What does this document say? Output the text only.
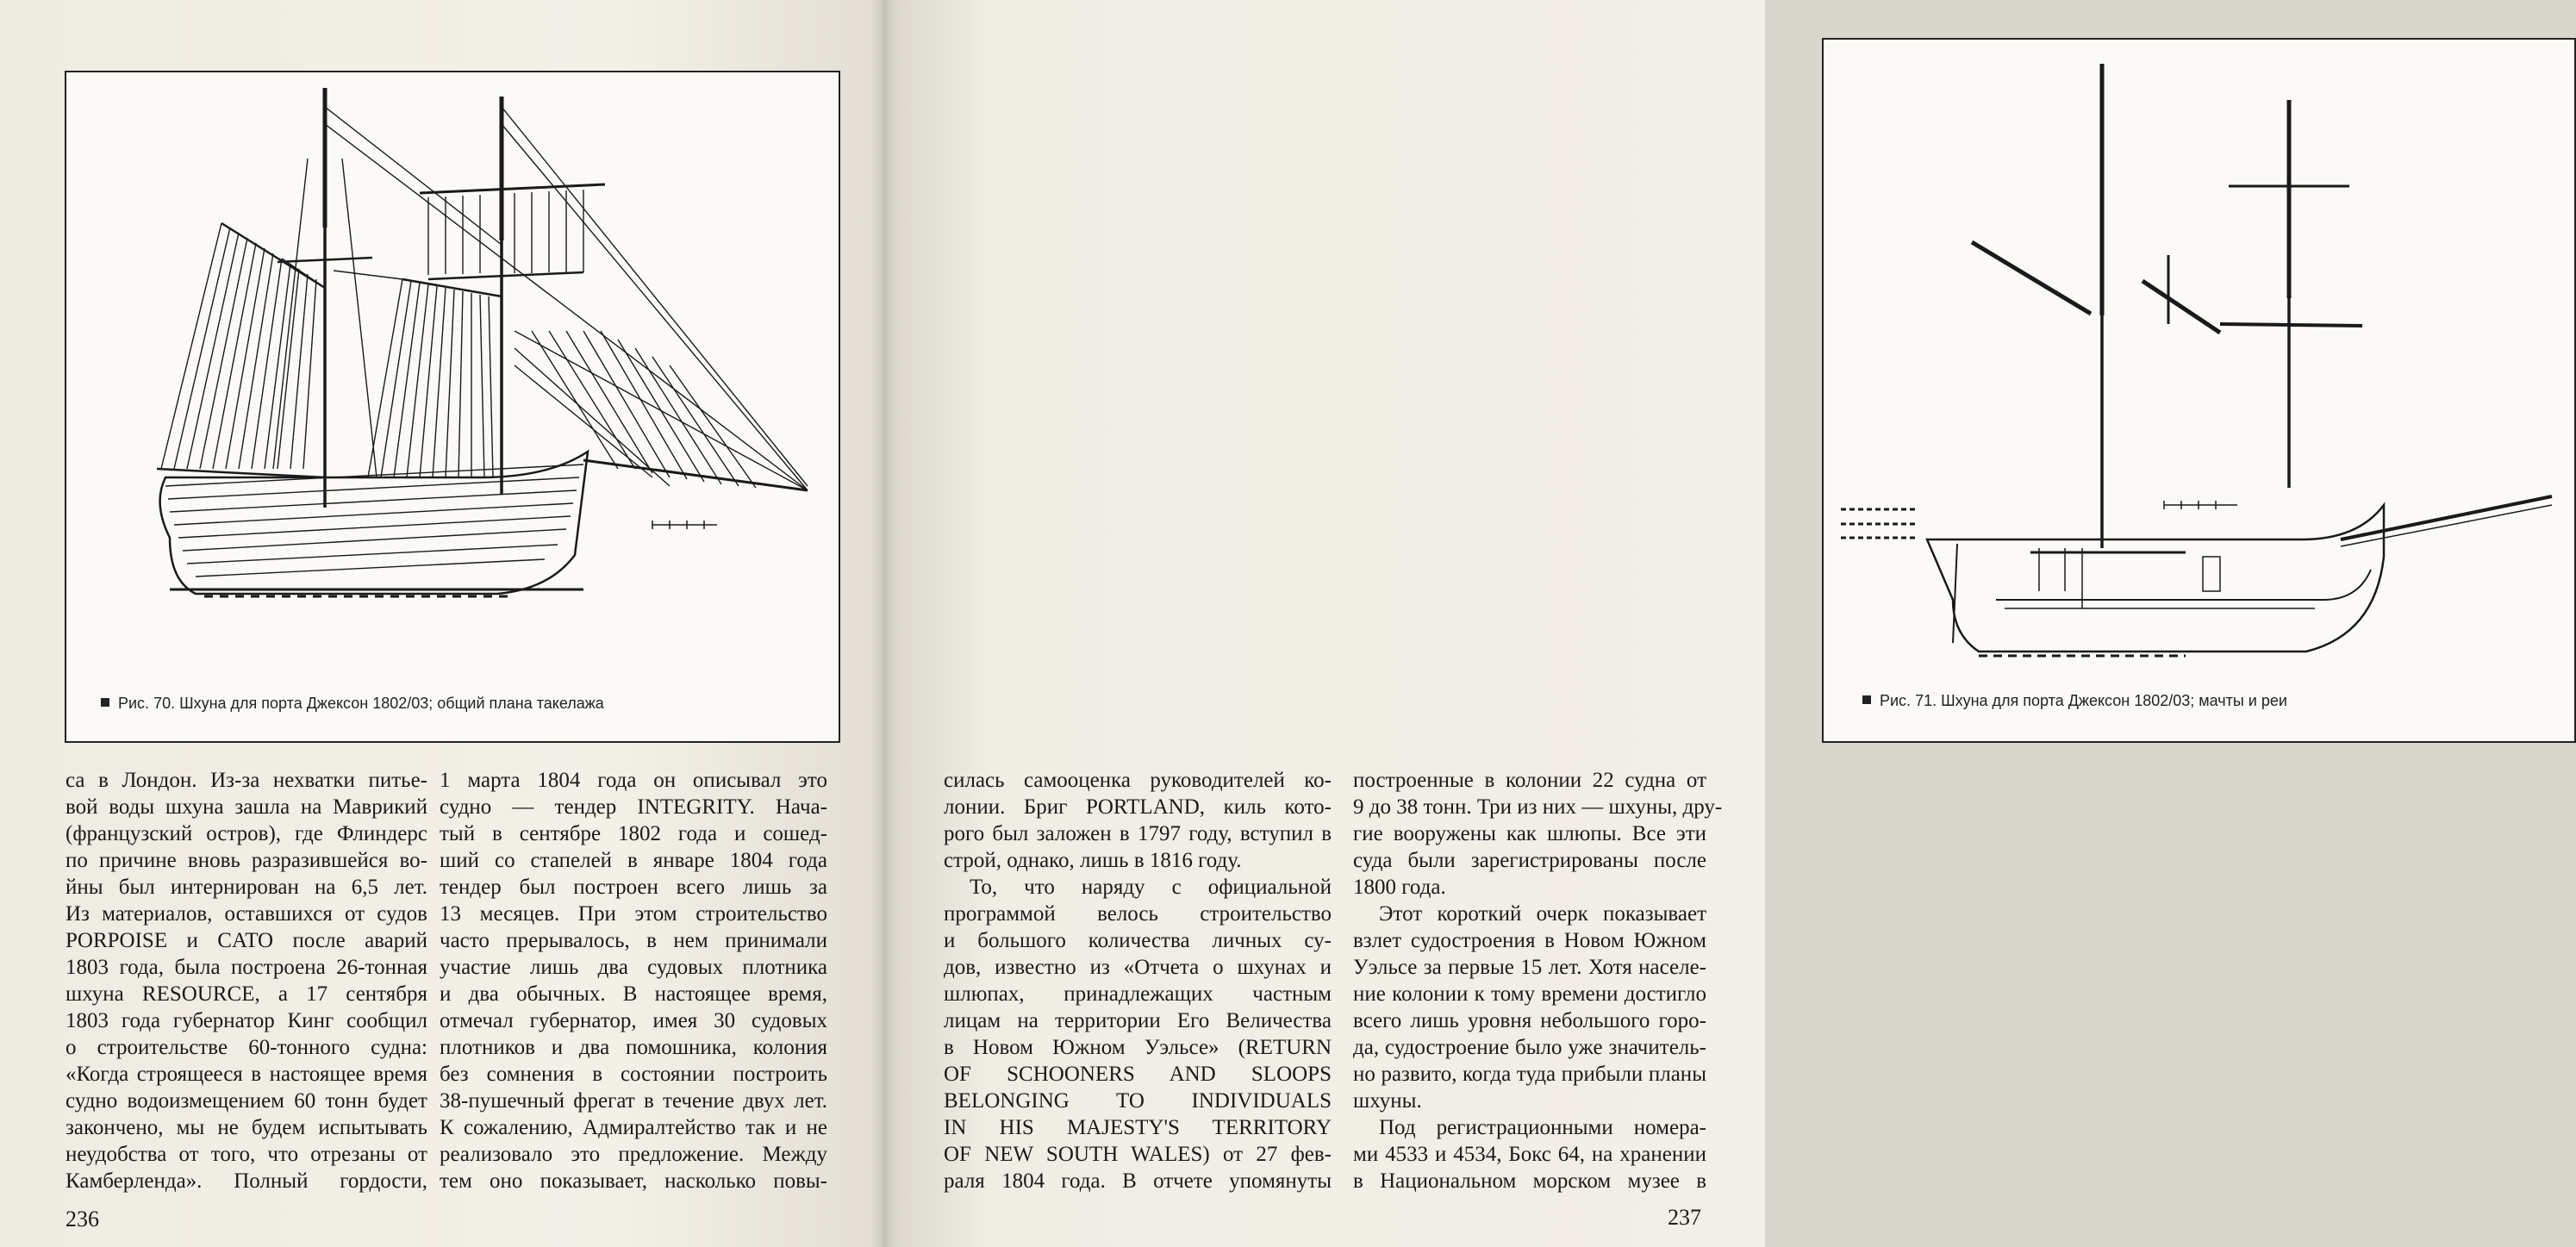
Рис. 70. Шхуна для порта Джексон 1802/03; общий плана такелажа

са в Лондон. Из-за нехватки питье-
вой воды шхуна зашла на Маврикий
(французский остров), где Флиндерс
по причине вновь разразившейся во-
йны был интернирован на 6,5 лет.
Из материалов, оставшихся от судов
PORPOISE и CATO после аварий
1803 года, была построена 26-тонная
шхуна RESOURCE, а 17 сентября
1803 года губернатор Кинг сообщил
о строительстве 60-тонного судна:
«Когда строящееся в настоящее время
судно водоизмещением 60 тонн будет
закончено, мы не будем испытывать
неудобства от того, что отрезаны от
Камберленда». Полный гордости,

1 марта 1804 года он описывал это
судно — тендер INTEGRITY. Нача-
тый в сентябре 1802 года и сошед-
ший со стапелей в январе 1804 года
тендер был построен всего лишь за
13 месяцев. При этом строительство
часто прерывалось, в нем принимали
участие лишь два судовых плотника
и два обычных. В настоящее время,
отмечал губернатор, имея 30 судовых
плотников и два помошника, колония
без сомнения в состоянии построить
38-пушечный фрегат в течение двух лет.
К сожалению, Адмиралтейство так и не
реализовало это предложение. Между
тем оно показывает, насколько повы-

236
Рис. 71. Шхуна для порта Джексон 1802/03; мачты и реи

силась самооценка руководителей ко-
лонии. Бриг PORTLAND, киль кото-
рого был заложен в 1797 году, вступил в
строй, однако, лишь в 1816 году.

То, что наряду с официальной
программой велось строительство
и большого количества личных су-
дов, известно из «Отчета о шхунах и
шлюпах, принадлежащих частным
лицам на территории Его Величества
в Новом Южном Уэльсе» (RETURN
OF SCHOONERS AND SLOOPS
BELONGING TO INDIVIDUALS
IN HIS MAJESTY'S TERRITORY
OF NEW SOUTH WALES) от 27 фев-
раля 1804 года. В отчете упомянуты

построенные в колонии 22 судна от
9 до 38 тонн. Три из них — шхуны, дру-
гие вооружены как шлюпы. Все эти
суда были зарегистрированы после
1800 года.

Этот короткий очерк показывает
взлет судостроения в Новом Южном
Уэльсе за первые 15 лет. Хотя населе-
ние колонии к тому времени достигло
всего лишь уровня небольшого горо-
да, судостроение было уже значитель-
но развито, когда туда прибыли планы
шхуны.

Под регистрационными номера-
ми 4533 и 4534, Бокс 64, на хранении
в Национальном морском музее в

237
